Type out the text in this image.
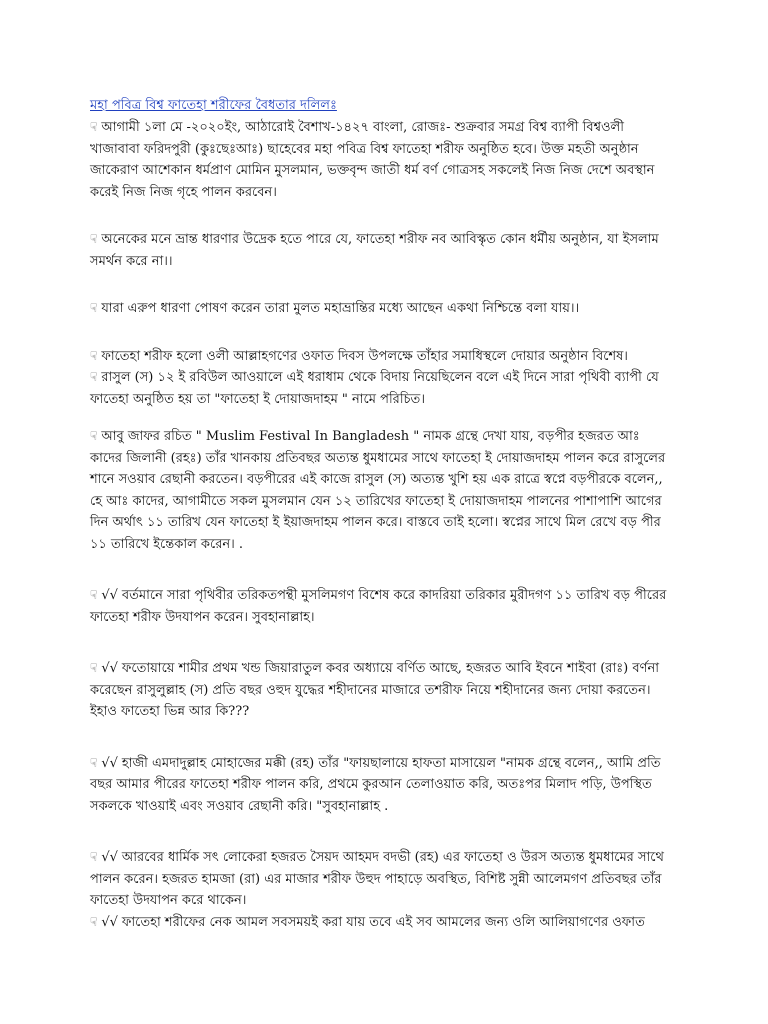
মহা পবিত্র বিশ্ব ফাতেহা শরীফের বৈধতার দলিলঃ

☟ আগামী ১লা মে -২০২০ইং, আঠারোই বৈশাখ-১৪২৭ বাংলা, রোজঃ- শুক্রবার সমগ্র বিশ্ব ব্যাপী বিশ্বওলী খাজাবাবা ফরিদপুরী (কুঃছেঃআঃ) ছাহেবের মহা পবিত্র বিশ্ব ফাতেহা শরীফ অনুষ্ঠিত হবে। উক্ত মহতী অনুষ্ঠান জাকেরাণ আশেকান ধর্মপ্রাণ মোমিন মুসলমান, ভক্তবৃন্দ জাতী ধর্ম বর্ণ গোত্রসহ সকলেই নিজ নিজ দেশে অবস্থান করেই নিজ নিজ গৃহে পালন করবেন।

☟ অনেকের মনে ভ্রান্ত ধারণার উদ্রেক হতে পারে যে, ফাতেহা শরীফ নব আবিস্কৃত কোন ধর্মীয় অনুষ্ঠান, যা ইসলাম সমর্থন করে না।।

☟ যারা এরুপ ধারণা পোষণ করেন তারা মুলত মহাভ্রান্তির মধ্যে আছেন একথা নিশ্চিন্তে বলা যায়।।

☟ ফাতেহা শরীফ হলো ওলী আল্লাহগণের ওফাত দিবস উপলক্ষে তাঁহার সমাধিস্থলে দোয়ার অনুষ্ঠান বিশেষ।

☟ রাসুল (স) ১২ ই রবিউল আওয়ালে এই ধরাধাম থেকে বিদায় নিয়েছিলেন বলে এই দিনে সারা পৃথিবী ব্যাপী যে ফাতেহা অনুষ্ঠিত হয় তা "ফাতেহা ই দোয়াজদাহম " নামে পরিচিত।

☟ আবু জাফর রচিত " Muslim Festival In Bangladesh " নামক গ্রন্থে দেখা যায়, বড়পীর হজরত আঃ কাদের জিলানী (রহঃ) তাঁর খানকায় প্রতিবছর অত্যন্ত ধুমধামের সাথে ফাতেহা ই দোয়াজদাহম পালন করে রাসুলের শানে সওয়াব রেছানী করতেন। বড়পীরের এই কাজে রাসুল (স) অত্যন্ত খুশি হয় এক রাত্রে স্বপ্নে বড়পীরকে বলেন,, হে আঃ কাদের, আগামীতে সকল মুসলমান যেন ১২ তারিখের ফাতেহা ই দোয়াজদাহম পালনের পাশাপাশি আগের দিন অর্থাৎ ১১ তারিখ যেন ফাতেহা ই ইয়াজদাহম পালন করে। বাস্তবে তাই হলো। স্বপ্নের সাথে মিল রেখে বড় পীর ১১ তারিখে ইন্তেকাল করেন। .

☟ √√ বর্তমানে সারা পৃথিবীর তরিকতপন্থী মুসলিমগণ বিশেষ করে কাদরিয়া তরিকার মুরীদগণ ১১ তারিখ বড় পীরের ফাতেহা শরীফ উদযাপন করেন। সুবহানাল্লাহ।

☟ √√ ফতোয়ায়ে শামীর প্রথম খন্ড জিয়ারাতুল কবর অধ্যায়ে বর্ণিত আছে, হজরত আবি ইবনে শাইবা (রাঃ) বর্ণনা করেছেন রাসুলুল্লাহ (স) প্রতি বছর ওহুদ যুদ্ধের শহীদানের মাজারে তশরীফ নিয়ে শহীদানের জন্য দোয়া করতেন। ইহাও ফাতেহা ভিন্ন আর কি???

☟ √√ হাজী এমদাদুল্লাহ মোহাজের মক্কী (রহ) তাঁর "ফায়ছালায়ে হাফতা মাসায়েল "নামক গ্রন্থে বলেন,, আমি প্রতি বছর আমার পীরের ফাতেহা শরীফ পালন করি, প্রথমে কুরআন তেলাওয়াত করি, অতঃপর মিলাদ পড়ি, উপস্থিত সকলকে খাওয়াই এবং সওয়াব রেছানী করি। "সুবহানাল্লাহ .

☟ √√ আরবের ধার্মিক সৎ লোকেরা হজরত সৈয়দ আহমদ বদভী (রহ) এর ফাতেহা ও উরস অত্যন্ত ধুমধামের সাথে পালন করেন। হজরত হামজা (রা) এর মাজার শরীফ উহুদ পাহাড়ে অবস্থিত, বিশিষ্ট সুন্নী আলেমগণ প্রতিবছর তাঁর ফাতেহা উদযাপন করে থাকেন।

☟ √√ ফাতেহা শরীফের নেক আমল সবসময়ই করা যায় তবে এই সব আমলের জন্য ওলি আলিয়াগণের ওফাত
